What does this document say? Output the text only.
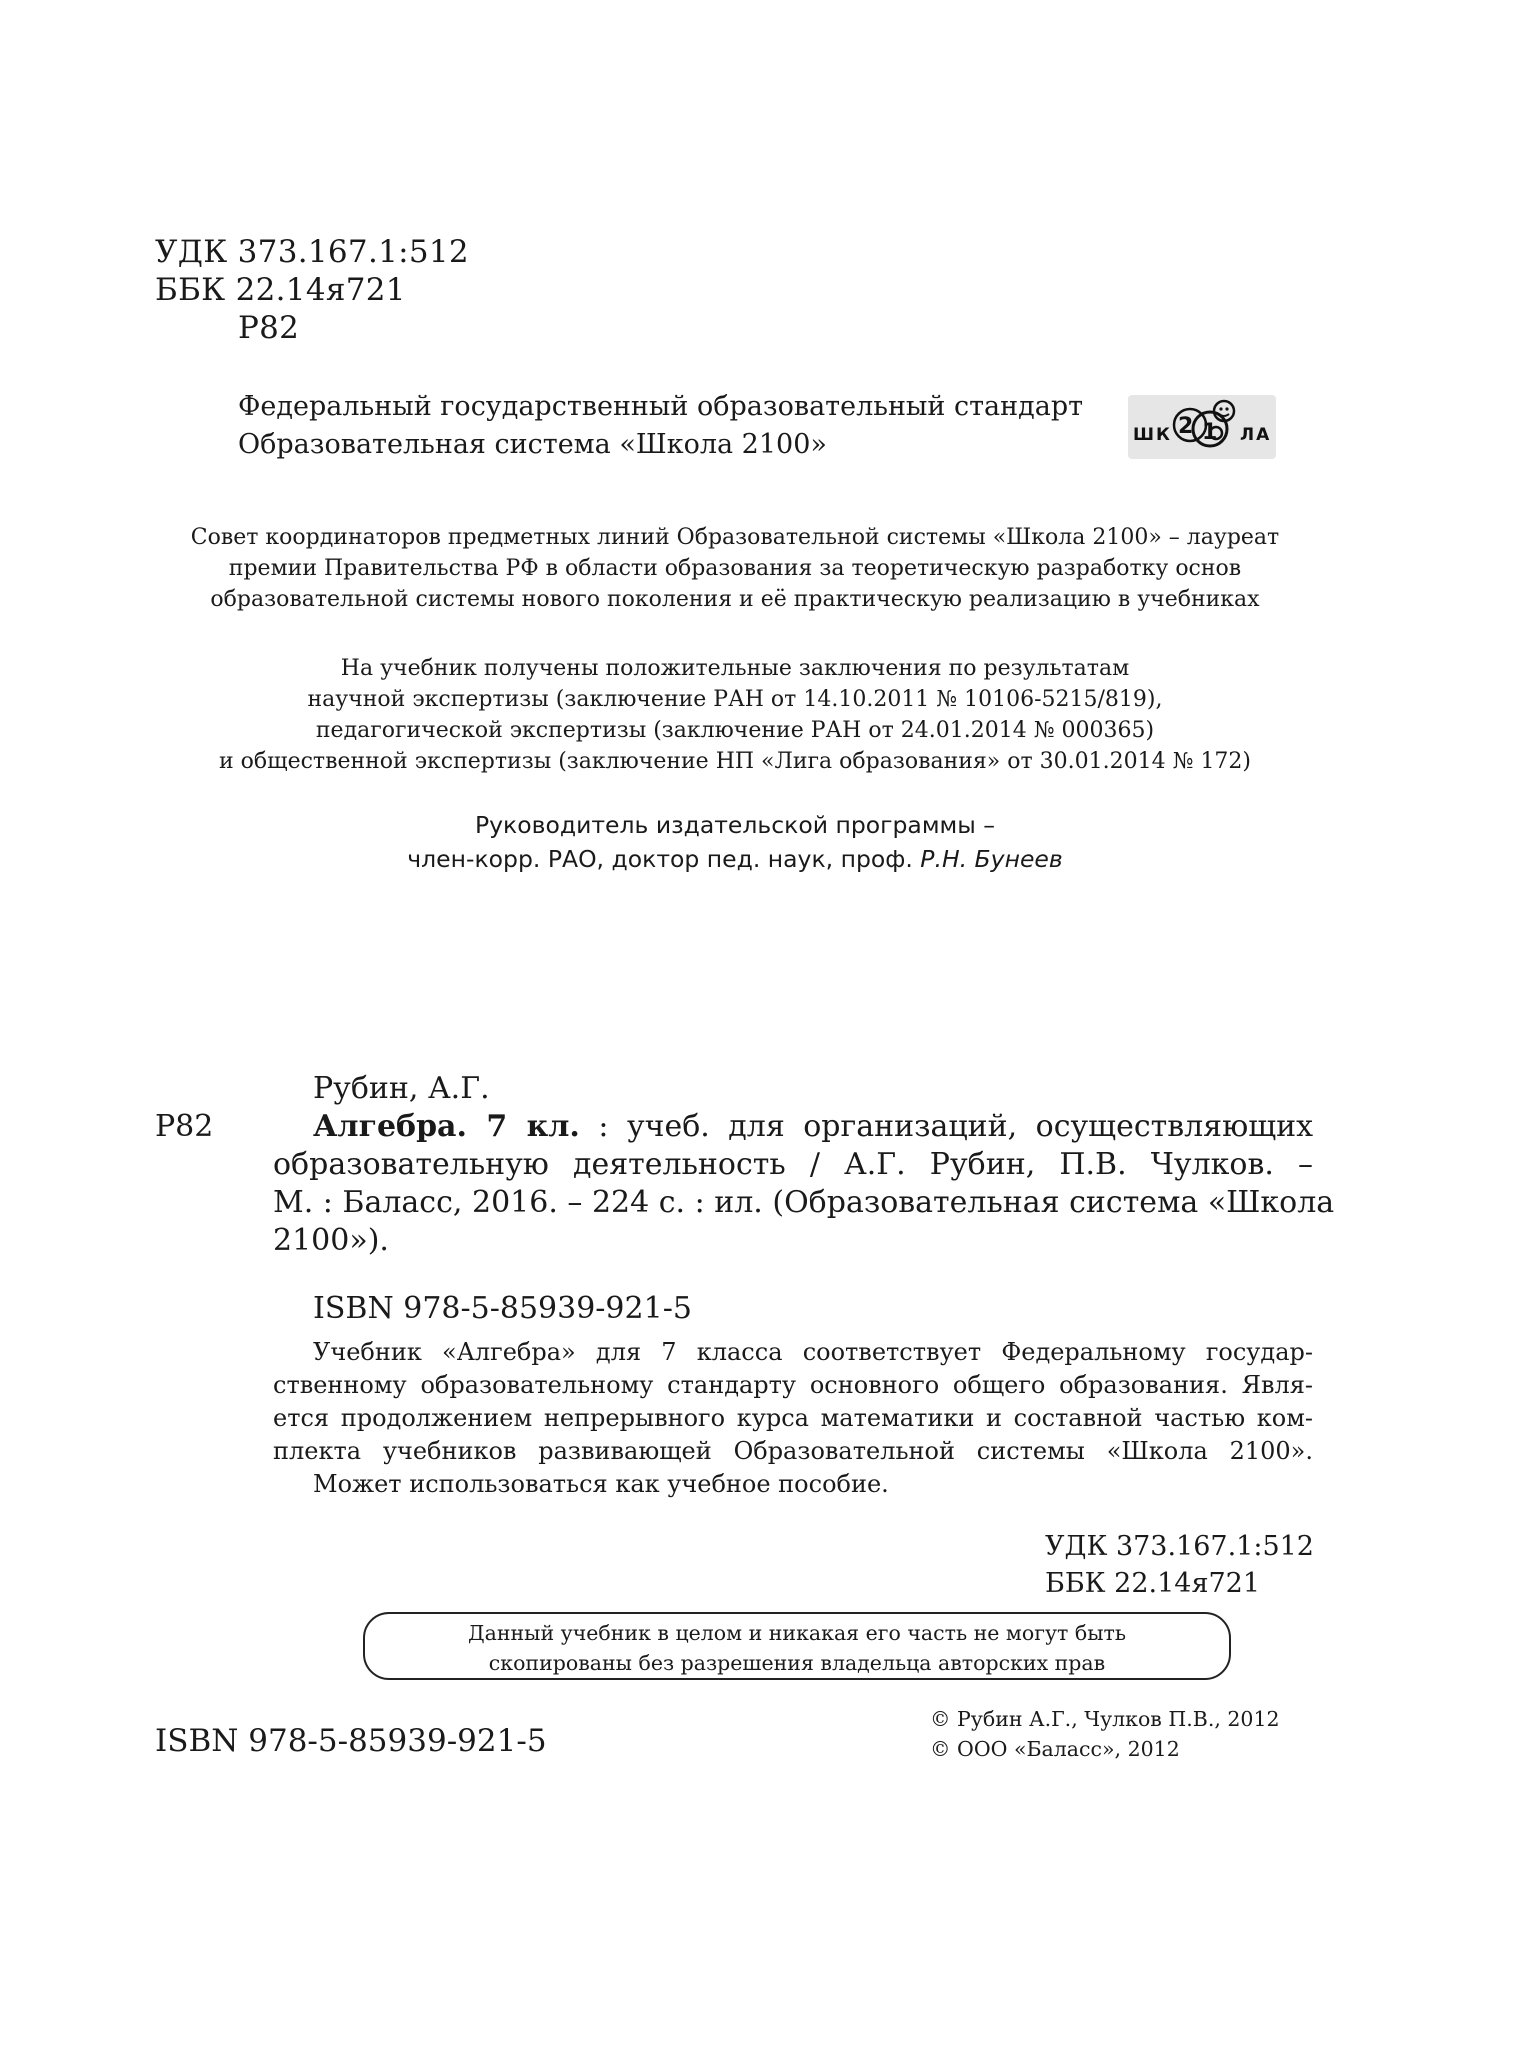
УДК 373.167.1:512
ББК 22.14я721
Р82
Федеральный государственный образовательный стандарт
Образовательная система «Школа 2100»	ШК	ЛА
2 1
Совет координаторов предметных линий Образовательной системы «Школа 2100» – лауреат
премии Правительства РФ в области образования за теоретическую разработку основ
образовательной системы нового поколения и её практическую реализацию в учебниках
На учебник получены положительные заключения по результатам
научной экспертизы (заключение РАН от 14.10.2011 № 10106-5215/819),
педагогической экспертизы (заключение РАН от 24.01.2014 № 000365)
и общественной экспертизы (заключение НП «Лига образования» от 30.01.2014 № 172)
Руководитель издательской программы –
член-корр. РАО, доктор пед. наук, проф. Р.Н. Бунеев
Рубин, А.Г.
Р82	Алгебра. 7 кл. : учеб. для организаций, осуществляющих
образовательную деятельность / А.Г. Рубин, П.В. Чулков. –
М. : Баласс, 2016. – 224 с. : ил. (Образовательная система «Школа
2100»).
ISBN 978-5-85939-921-5
Учебник «Алгебра» для 7 класса соответствует Федеральному государ-
ственному образовательному стандарту основного общего образования. Явля-
ется продолжением непрерывного курса математики и составной частью ком-
плекта учебников развивающей Образовательной системы «Школа 2100».
Может использоваться как учебное пособие.
УДК 373.167.1:512
ББК 22.14я721
Данный учебник в целом и никакая его часть не могут быть
скопированы без разрешения владельца авторских прав
ISBN 978-5-85939-921-5
© Рубин А.Г., Чулков П.В., 2012
© ООО «Баласс», 2012
